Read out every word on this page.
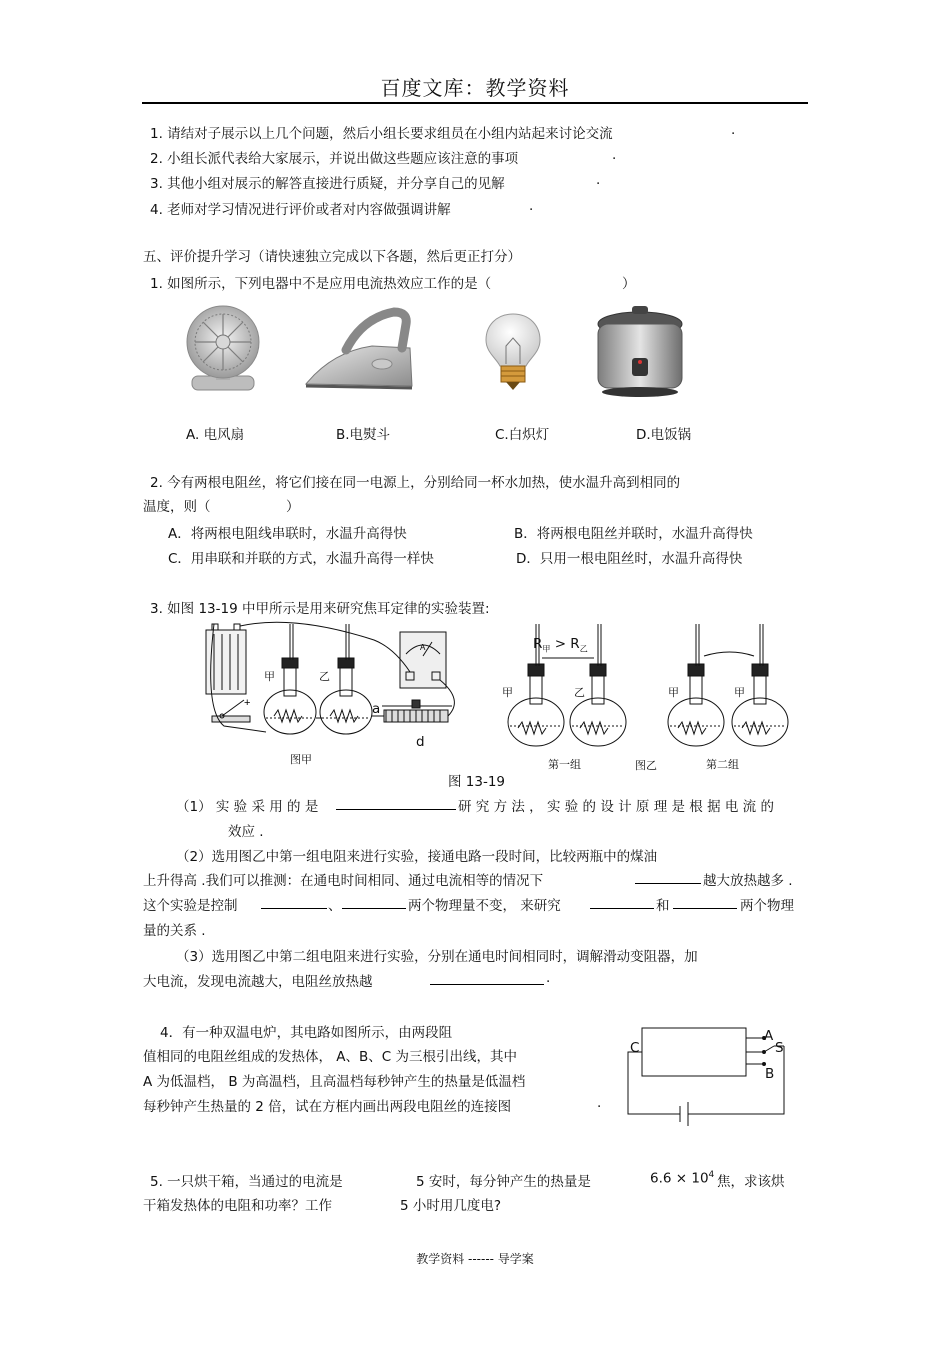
百度文库：教学资料
1. 请结对子展示以上几个问题，然后小组长要求组员在小组内站起来讨论交流	.
2. 小组长派代表给大家展示，并说出做这些题应该注意的事项	.
3. 其他小组对展示的解答直接进行质疑，并分享自己的见解	.
4. 老师对学习情况进行评价或者对内容做强调讲解	.
五、评价提升学习（请快速独立完成以下各题，然后更正打分）
1. 如图所示，下列电器中不是应用电流热效应工作的是（	）
A. 电风扇	B.电熨斗	C.白炽灯	D.电饭锅
2. 今有两根电阻丝，将它们接在同一电源上，分别给同一杯水加热，使水温升高到相同的
温度，则（	）
A．将两根电阻线串联时，水温升高得快	B．将两根电阻丝并联时，水温升高得快
C．用串联和并联的方式，水温升高得一样快	D．只用一根电阻丝时，水温升高得快
3. 如图 13-19 中甲所示是用来研究焦耳定律的实验装置:
+
A
甲	乙
a
d
图甲
$R_甲 > R_乙$
甲	乙
第一组	图乙
甲	甲
第二组
图 13-19
（1） 实 验 采 用 的 是	研 究 方 法 ， 实 验 的 设 计 原 理 是 根 据 电 流 的
效应 .
（2）选用图乙中第一组电阻来进行实验，接通电路一段时间，比较两瓶中的煤油
上升得高 .我们可以推测：在通电时间相同、通过电流相等的情况下	越大放热越多 .
这个实验是控制	、	两个物理量不变， 来研究	和	两个物理
量的关系 .
（3）选用图乙中第二组电阻来进行实验，分别在通电时间相同时，调解滑动变阻器，加
大电流，发现电流越大，电阻丝放热越	.
4．有一种双温电炉，其电路如图所示，由两段阻
值相同的电阻丝组成的发热体， A、B、C 为三根引出线，其中
A 为低温档， B 为高温档，且高温档每秒钟产生的热量是低温档
每秒钟产生热量的 2 倍，试在方框内画出两段电阻丝的连接图	.
A
S
B
C
5. 一只烘干箱，当通过的电流是	5 安时，每分钟产生的热量是	$6.6 \times 10^4$ 焦，求该烘
干箱发热体的电阻和功率？工作	5 小时用几度电?
教学资料 ------ 导学案
